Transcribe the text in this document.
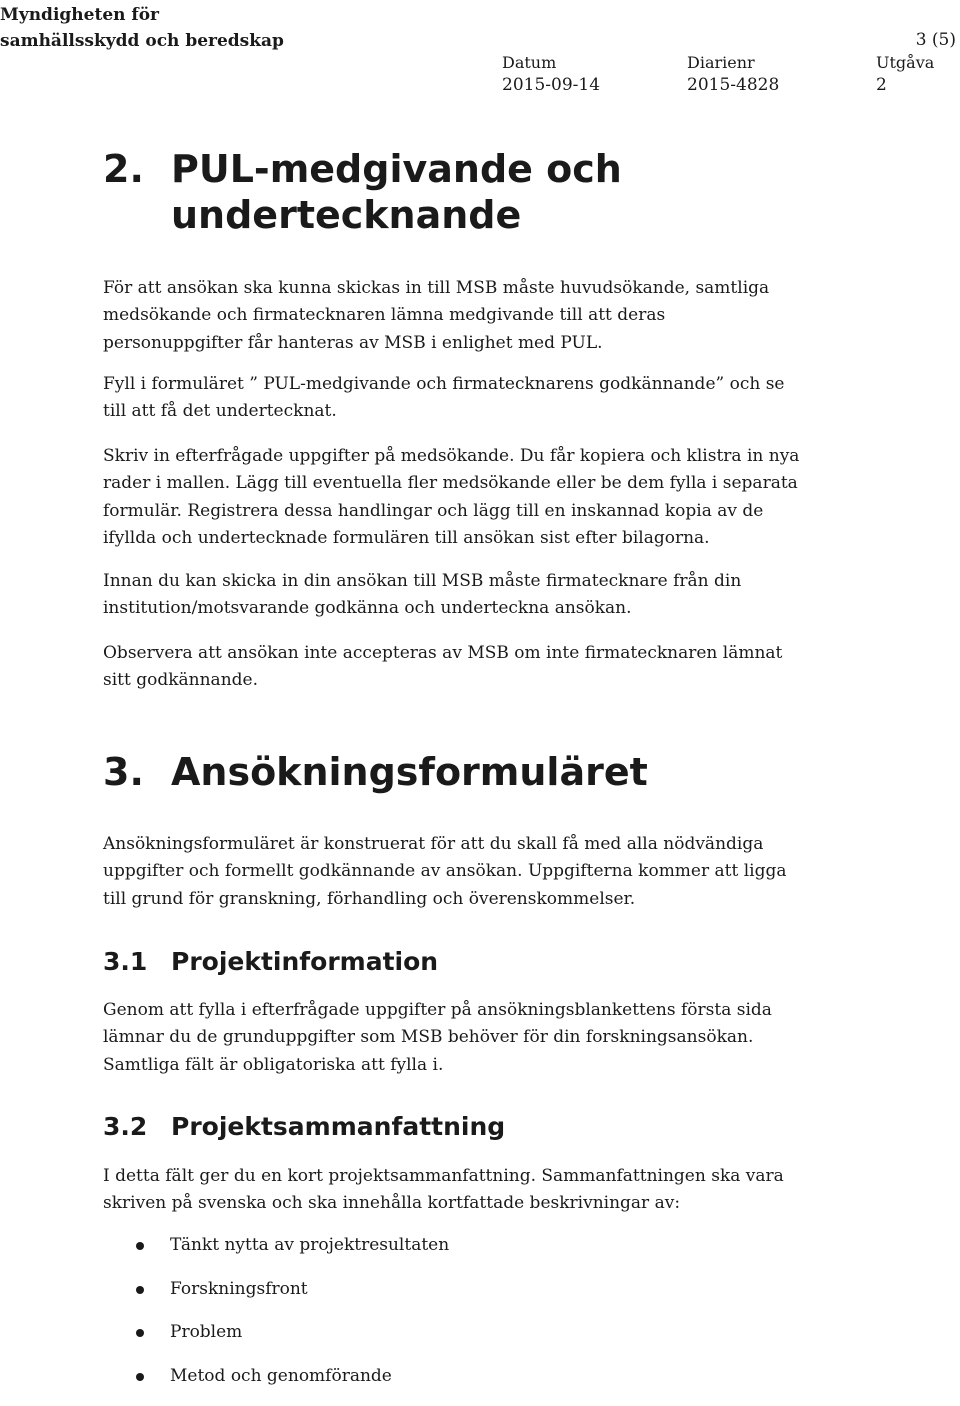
Myndigheten för
samhällsskydd och beredskap	3 (5)
Datum
2015-09-14
Diarienr
2015-4828
Utgåva
2
2. PUL-medgivande och undertecknande
För att ansökan ska kunna skickas in till MSB måste huvudsökande, samtliga medsökande och firmatecknaren lämna medgivande till att deras personuppgifter får hanteras av MSB i enlighet med PUL.
Fyll i formuläret ” PUL-medgivande och firmatecknarens godkännande” och se till att få det undertecknat.
Skriv in efterfrågade uppgifter på medsökande. Du får kopiera och klistra in nya rader i mallen. Lägg till eventuella fler medsökande eller be dem fylla i separata formulär. Registrera dessa handlingar och lägg till en inskannad kopia av de ifyllda och undertecknade formulären till ansökan sist efter bilagorna.
Innan du kan skicka in din ansökan till MSB måste firmatecknare från din institution/motsvarande godkänna och underteckna ansökan.
Observera att ansökan inte accepteras av MSB om inte firmatecknaren lämnat sitt godkännande.
3. Ansökningsformuläret
Ansökningsformuläret är konstruerat för att du skall få med alla nödvändiga uppgifter och formellt godkännande av ansökan. Uppgifterna kommer att ligga till grund för granskning, förhandling och överenskommelser.
3.1 Projektinformation
Genom att fylla i efterfrågade uppgifter på ansökningsblankettens första sida lämnar du de grunduppgifter som MSB behöver för din forskningsansökan. Samtliga fält är obligatoriska att fylla i.
3.2 Projektsammanfattning
I detta fält ger du en kort projektsammanfattning. Sammanfattningen ska vara skriven på svenska och ska innehålla kortfattade beskrivningar av:
Tänkt nytta av projektresultaten
Forskningsfront
Problem
Metod och genomförande
